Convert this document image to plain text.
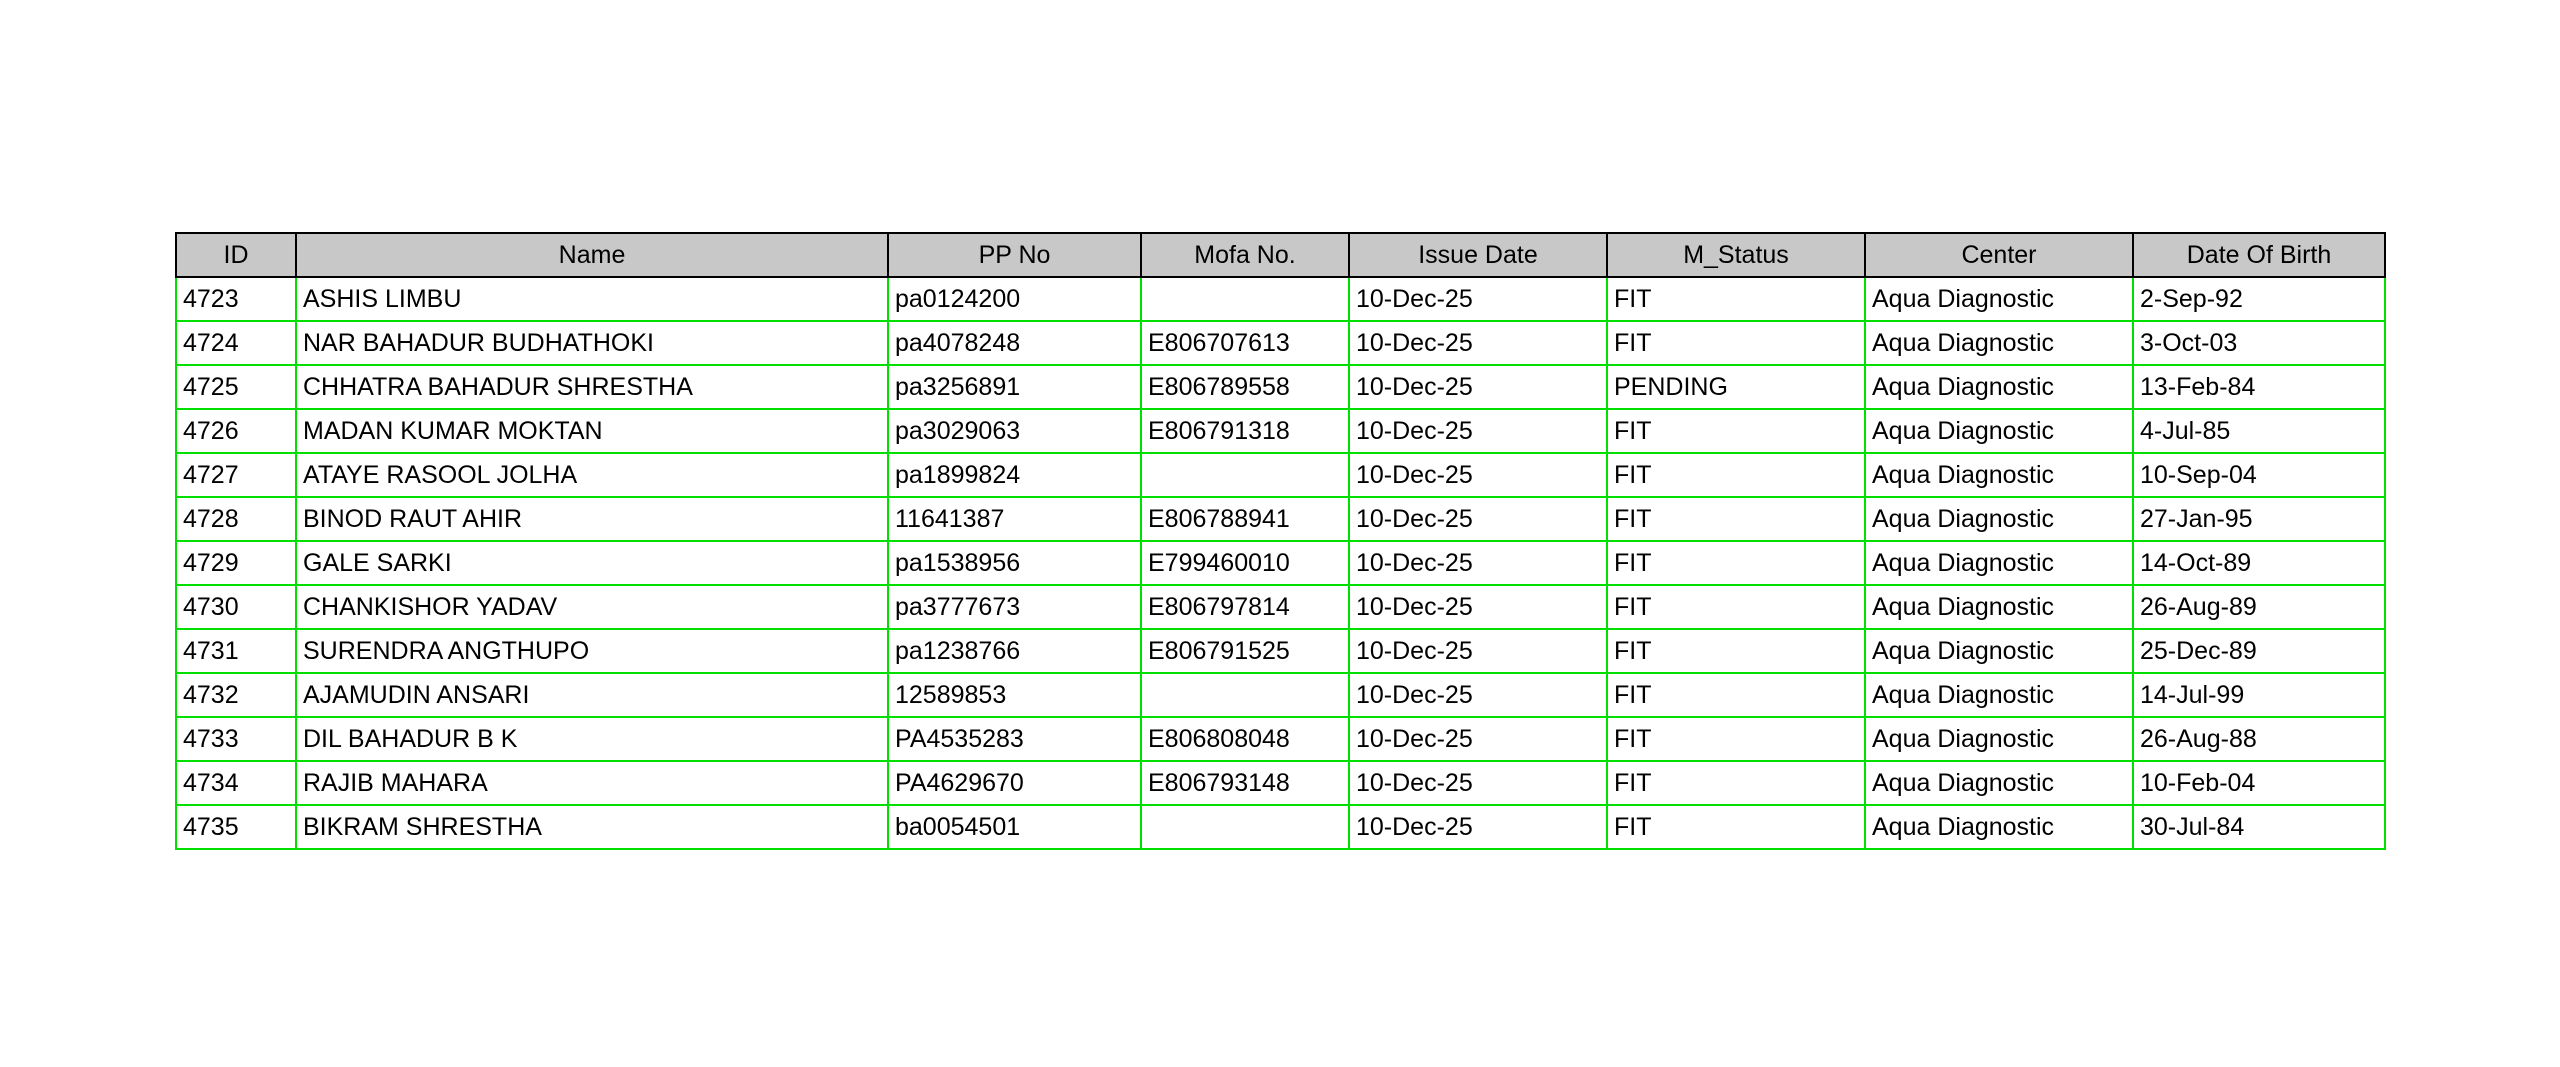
ID	Name	PP No	Mofa No.	Issue Date	M_Status	Center	Date Of Birth
4723	ASHIS LIMBU	pa0124200		10-Dec-25	FIT	Aqua Diagnostic	2-Sep-92
4724	NAR BAHADUR BUDHATHOKI	pa4078248	E806707613	10-Dec-25	FIT	Aqua Diagnostic	3-Oct-03
4725	CHHATRA BAHADUR SHRESTHA	pa3256891	E806789558	10-Dec-25	PENDING	Aqua Diagnostic	13-Feb-84
4726	MADAN KUMAR MOKTAN	pa3029063	E806791318	10-Dec-25	FIT	Aqua Diagnostic	4-Jul-85
4727	ATAYE RASOOL JOLHA	pa1899824		10-Dec-25	FIT	Aqua Diagnostic	10-Sep-04
4728	BINOD RAUT AHIR	11641387	E806788941	10-Dec-25	FIT	Aqua Diagnostic	27-Jan-95
4729	GALE SARKI	pa1538956	E799460010	10-Dec-25	FIT	Aqua Diagnostic	14-Oct-89
4730	CHANKISHOR YADAV	pa3777673	E806797814	10-Dec-25	FIT	Aqua Diagnostic	26-Aug-89
4731	SURENDRA ANGTHUPO	pa1238766	E806791525	10-Dec-25	FIT	Aqua Diagnostic	25-Dec-89
4732	AJAMUDIN ANSARI	12589853		10-Dec-25	FIT	Aqua Diagnostic	14-Jul-99
4733	DIL BAHADUR B K	PA4535283	E806808048	10-Dec-25	FIT	Aqua Diagnostic	26-Aug-88
4734	RAJIB MAHARA	PA4629670	E806793148	10-Dec-25	FIT	Aqua Diagnostic	10-Feb-04
4735	BIKRAM SHRESTHA	ba0054501		10-Dec-25	FIT	Aqua Diagnostic	30-Jul-84
